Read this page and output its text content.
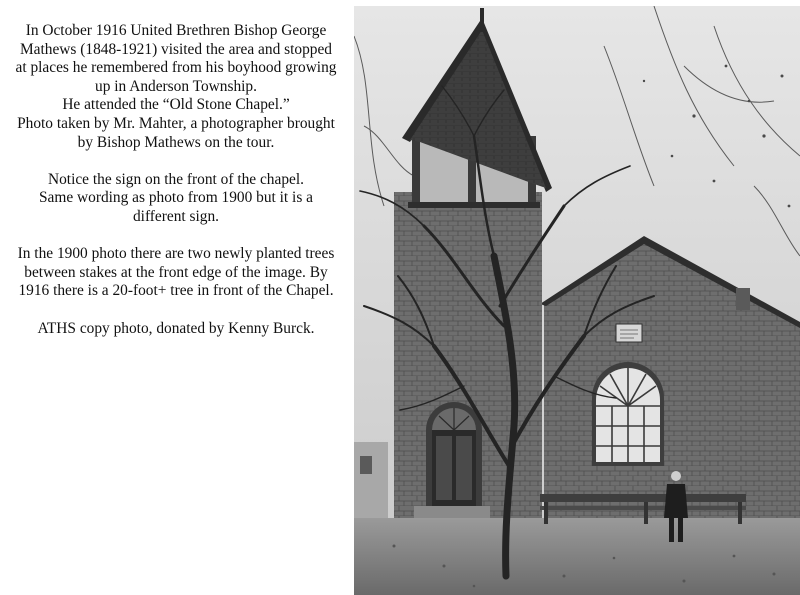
In October 1916 United Brethren Bishop George
Mathews (1848-1921) visited the area and stopped
at places he remembered from his boyhood growing
up in Anderson Township.
He attended the “Old Stone Chapel.”
Photo taken by Mr. Mahter, a photographer brought
by Bishop Mathews on the tour.

Notice the sign on the front of the chapel.
Same wording as photo from 1900 but it is a
different sign.

In the 1900 photo there are two newly planted trees
between stakes at the front edge of the image. By
1916 there is a 20-foot+ tree in front of the Chapel.

ATHS copy photo, donated by Kenny Burck.
